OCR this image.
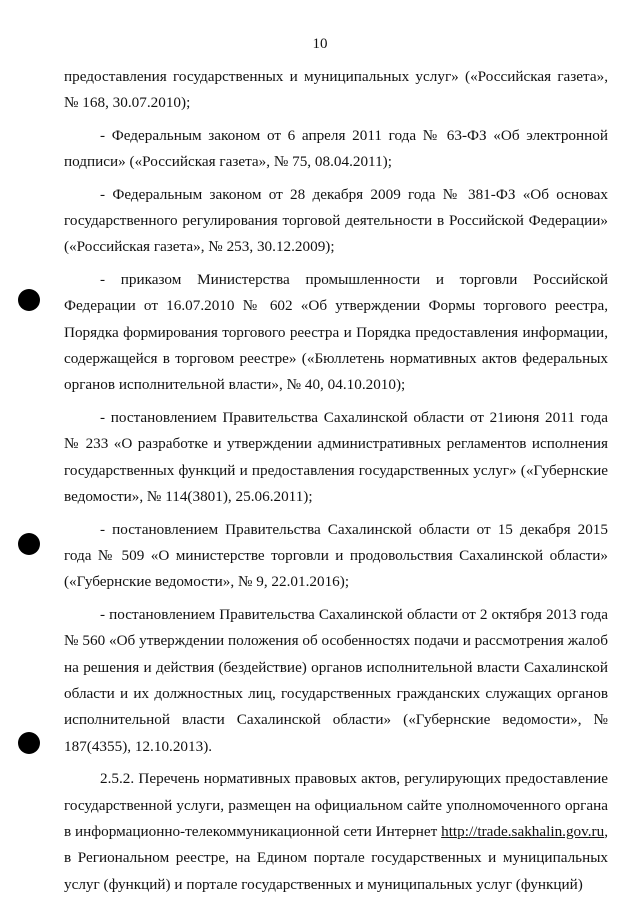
10

предоставления государственных и муниципальных услуг» («Российская газета», № 168, 30.07.2010);

- Федеральным законом от 6 апреля 2011 года № 63-ФЗ «Об электронной подписи» («Российская газета», № 75, 08.04.2011);

- Федеральным законом от 28 декабря 2009 года № 381-ФЗ «Об основах государственного регулирования торговой деятельности в Российской Федерации» («Российская газета», № 253, 30.12.2009);

- приказом Министерства промышленности и торговли Российской Федерации от 16.07.2010 № 602 «Об утверждении Формы торгового реестра, Порядка формирования торгового реестра и Порядка предоставления информации, содержащейся в торговом реестре» («Бюллетень нормативных актов федеральных органов исполнительной власти», № 40, 04.10.2010);

- постановлением Правительства Сахалинской области от 21июня 2011 года № 233 «О разработке и утверждении административных регламентов исполнения государственных функций и предоставления государственных услуг» («Губернские ведомости», № 114(3801), 25.06.2011);

- постановлением Правительства Сахалинской области от 15 декабря 2015 года № 509 «О министерстве торговли и продовольствия Сахалинской области» («Губернские ведомости», № 9, 22.01.2016);

- постановлением Правительства Сахалинской области от 2 октября 2013 года № 560 «Об утверждении положения об особенностях подачи и рассмотрения жалоб на решения и действия (бездействие) органов исполнительной власти Сахалинской области и их должностных лиц, государственных гражданских служащих органов исполнительной власти Сахалинской области» («Губернские ведомости», № 187(4355), 12.10.2013).

2.5.2. Перечень нормативных правовых актов, регулирующих предоставление государственной услуги, размещен на официальном сайте уполномоченного органа в информационно-телекоммуникационной сети Интернет http://trade.sakhalin.gov.ru, в Региональном реестре, на Едином портале государственных и муниципальных услуг (функций) и портале государственных и муниципальных услуг (функций)
